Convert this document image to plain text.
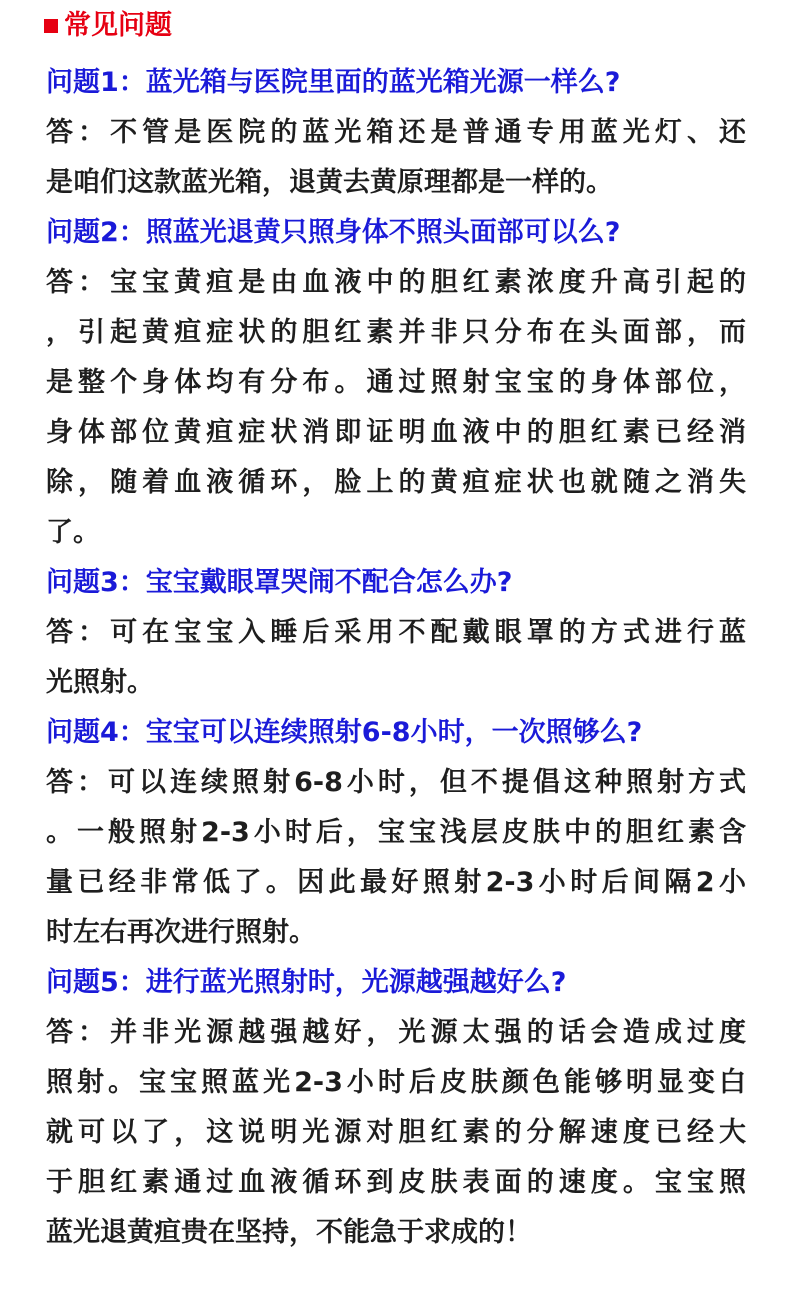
常见问题
问题1：蓝光箱与医院里面的蓝光箱光源一样么?
答：不管是医院的蓝光箱还是普通专用蓝光灯、还
是咱们这款蓝光箱，退黄去黄原理都是一样的。
问题2：照蓝光退黄只照身体不照头面部可以么?
答：宝宝黄疸是由血液中的胆红素浓度升高引起的
，引起黄疸症状的胆红素并非只分布在头面部，而
是整个身体均有分布。通过照射宝宝的身体部位，
身体部位黄疸症状消即证明血液中的胆红素已经消
除，随着血液循环，脸上的黄疸症状也就随之消失
了。
问题3：宝宝戴眼罩哭闹不配合怎么办?
答：可在宝宝入睡后采用不配戴眼罩的方式进行蓝
光照射。
问题4：宝宝可以连续照射6-8小时，一次照够么?
答：可以连续照射6-8小时，但不提倡这种照射方式
。一般照射2-3小时后，宝宝浅层皮肤中的胆红素含
量已经非常低了。因此最好照射2-3小时后间隔2小
时左右再次进行照射。
问题5：进行蓝光照射时，光源越强越好么?
答：并非光源越强越好，光源太强的话会造成过度
照射。宝宝照蓝光2-3小时后皮肤颜色能够明显变白
就可以了，这说明光源对胆红素的分解速度已经大
于胆红素通过血液循环到皮肤表面的速度。宝宝照
蓝光退黄疸贵在坚持，不能急于求成的！
